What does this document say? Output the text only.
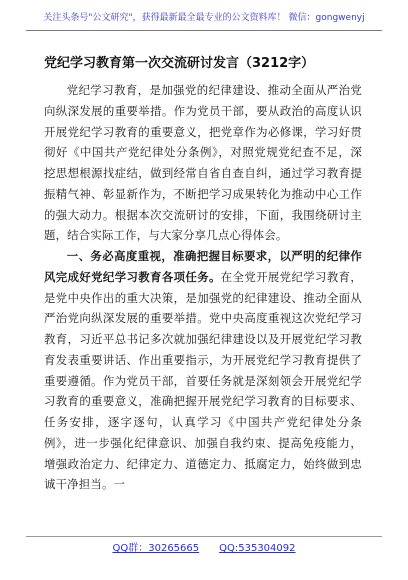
关注头条号"公文研究"，获得最新最全最专业的公文资料库！ 微信：gongwenyj
党纪学习教育第一次交流研讨发言（3212字）

党纪学习教育，是加强党的纪律建设、推动全面从严治党向纵深发展的重要举措。作为党员干部，要从政治的高度认识开展党纪学习教育的重要意义，把党章作为必修课，学习好贯彻好《中国共产党纪律处分条例》，对照党规党纪查不足，深挖思想根源找症结，做到经常自省自查自纠，通过学习教育提振精气神、彰显新作为，不断把学习成果转化为推动中心工作的强大动力。根据本次交流研讨的安排，下面，我围绕研讨主题，结合实际工作，与大家分享几点心得体会。

一、务必高度重视，准确把握目标要求，以严明的纪律作风完成好党纪学习教育各项任务。在全党开展党纪学习教育，是党中央作出的重大决策，是加强党的纪律建设、推动全面从严治党向纵深发展的重要举措。党中央高度重视这次党纪学习教育，习近平总书记多次就加强纪律建设以及开展党纪学习教育发表重要讲话、作出重要指示，为开展党纪学习教育提供了重要遵循。作为党员干部，首要任务就是深刻领会开展党纪学习教育的重要意义，准确把握开展党纪学习教育的目标要求、任务安排，逐字逐句，认真学习《中国共产党纪律处分条例》，进一步强化纪律意识、加强自我约束、提高免疫能力，增强政治定力、纪律定力、道德定力、抵腐定力，始终做到忠诚干净担当。一

QQ群：30265665 QQ:535304092
